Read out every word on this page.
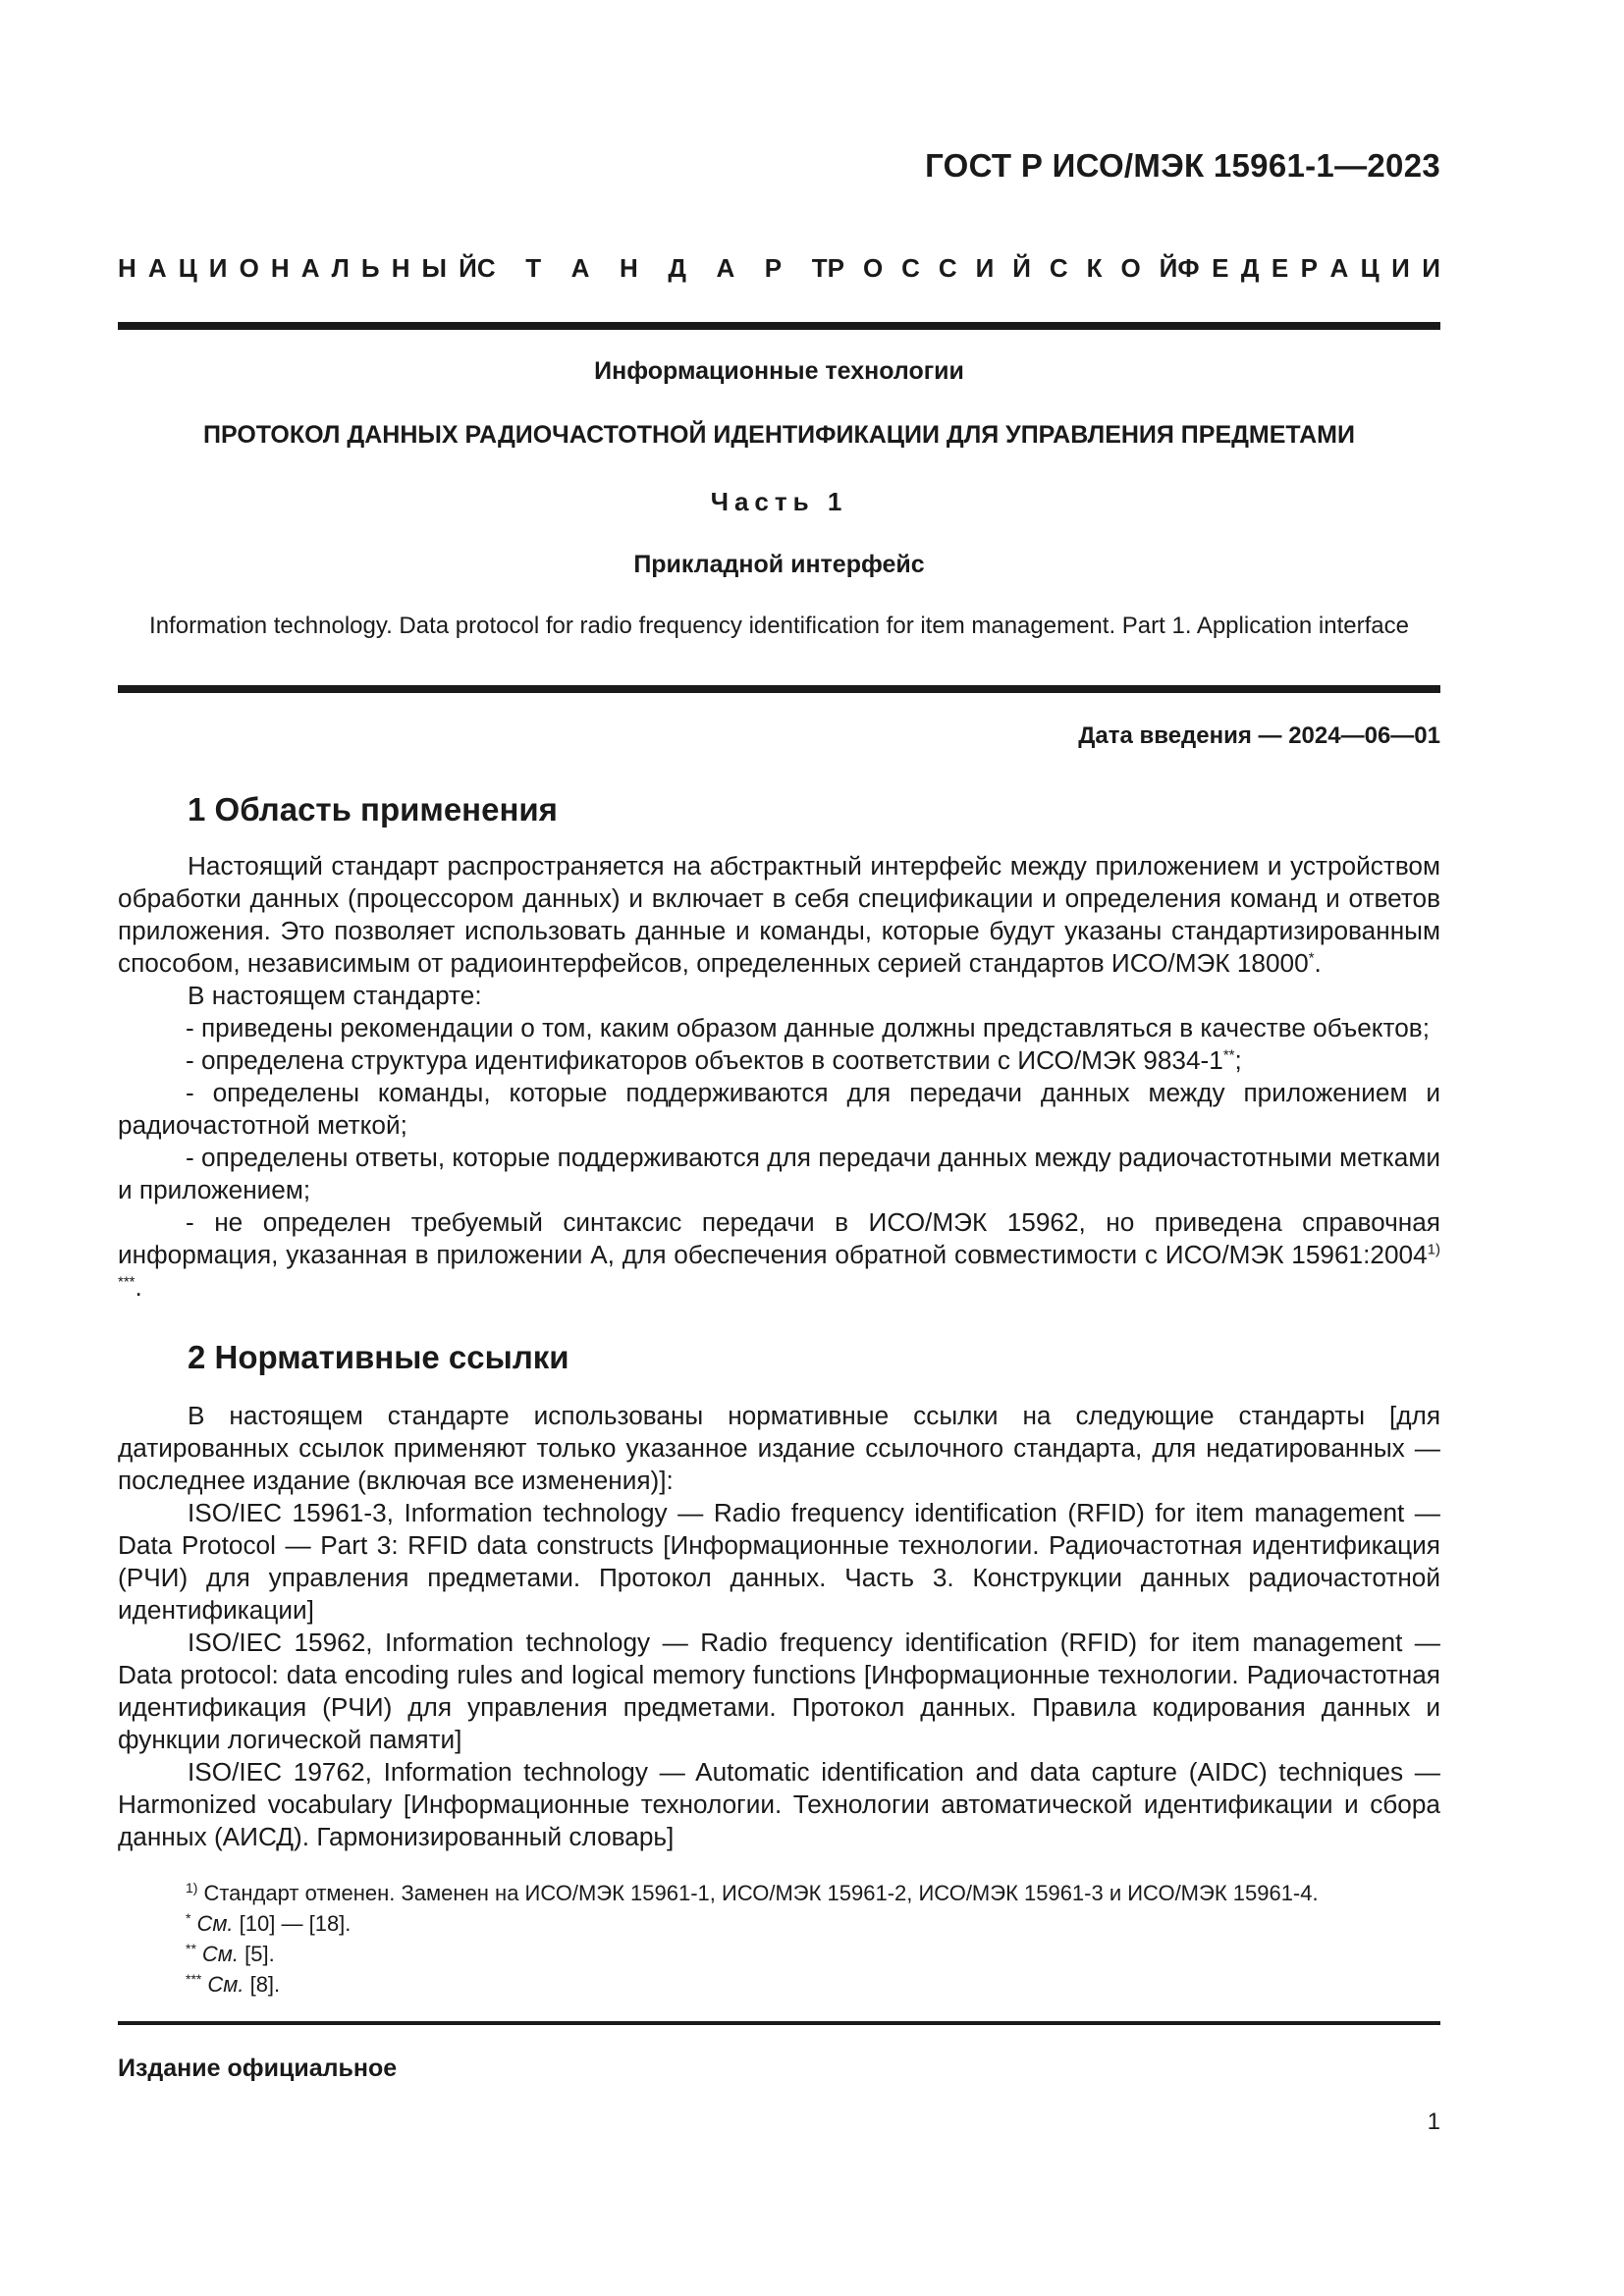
ГОСТ Р ИСО/МЭК 15961-1—2023
Н А Ц И О Н А Л Ь Н Ы Й С Т А Н Д А Р Т Р О С С И Й С К О Й Ф Е Д Е Р А Ц И И
Информационные технологии
ПРОТОКОЛ ДАННЫХ РАДИОЧАСТОТНОЙ ИДЕНТИФИКАЦИИ ДЛЯ УПРАВЛЕНИЯ ПРЕДМЕТАМИ
Часть 1
Прикладной интерфейс
Information technology. Data protocol for radio frequency identification for item management. Part 1. Application interface
Дата введения — 2024—06—01
1 Область применения

Настоящий стандарт распространяется на абстрактный интерфейс между приложением и устройством обработки данных (процессором данных) и включает в себя спецификации и определения команд и ответов приложения. Это позволяет использовать данные и команды, которые будут указаны стандартизированным способом, независимым от радиоинтерфейсов, определенных серией стандартов ИСО/МЭК 18000*.

В настоящем стандарте:

- приведены рекомендации о том, каким образом данные должны представляться в качестве объектов;

- определена структура идентификаторов объектов в соответствии с ИСО/МЭК 9834-1**;

- определены команды, которые поддерживаются для передачи данных между приложением и радиочастотной меткой;

- определены ответы, которые поддерживаются для передачи данных между радиочастотными метками и приложением;

- не определен требуемый синтаксис передачи в ИСО/МЭК 15962, но приведена справочная информация, указанная в приложении А, для обеспечения обратной совместимости с ИСО/МЭК 15961:2004$^{1) ***}$.

2 Нормативные ссылки

В настоящем стандарте использованы нормативные ссылки на следующие стандарты [для датированных ссылок применяют только указанное издание ссылочного стандарта, для недатированных — последнее издание (включая все изменения)]:

ISO/IEC 15961-3, Information technology — Radio frequency identification (RFID) for item management — Data Protocol — Part 3: RFID data constructs [Информационные технологии. Радиочастотная идентификация (РЧИ) для управления предметами. Протокол данных. Часть 3. Конструкции данных радиочастотной идентификации]

ISO/IEC 15962, Information technology — Radio frequency identification (RFID) for item management — Data protocol: data encoding rules and logical memory functions [Информационные технологии. Радиочастотная идентификация (РЧИ) для управления предметами. Протокол данных. Правила кодирования данных и функции логической памяти]

ISO/IEC 19762, Information technology — Automatic identification and data capture (AIDC) techniques — Harmonized vocabulary [Информационные технологии. Технологии автоматической идентификации и сбора данных (АИСД). Гармонизированный словарь]

$^{1)}$ Стандарт отменен. Заменен на ИСО/МЭК 15961-1, ИСО/МЭК 15961-2, ИСО/МЭК 15961-3 и ИСО/МЭК 15961-4.
* См. [10] — [18].
** См. [5].
*** См. [8].
Издание официальное
1
